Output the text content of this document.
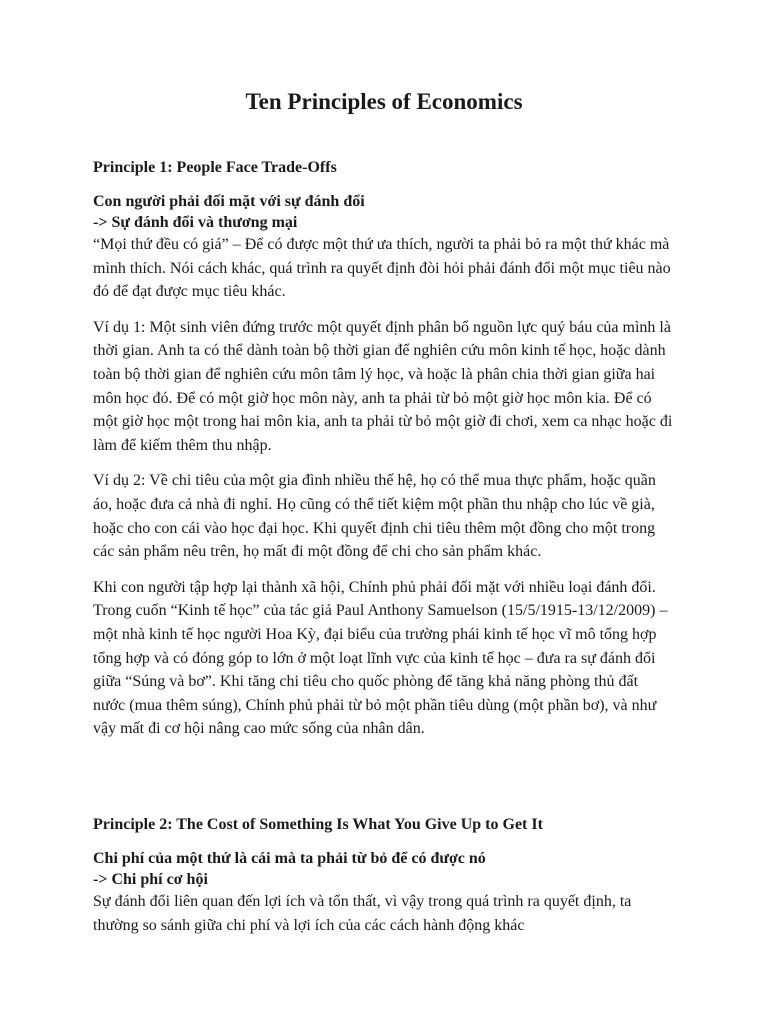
Ten Principles of Economics
Principle 1: People Face Trade-Offs
Con người phải đối mặt với sự đánh đổi
-> Sự đánh đổi và thương mại

“Mọi thứ đều có giá” – Để có được một thứ ưa thích, người ta phải bỏ ra một thứ khác mà mình thích. Nói cách khác, quá trình ra quyết định đòi hỏi phải đánh đổi một mục tiêu nào đó để đạt được mục tiêu khác.

Ví dụ 1: Một sinh viên đứng trước một quyết định phân bổ nguồn lực quý báu của mình là thời gian. Anh ta có thể dành toàn bộ thời gian để nghiên cứu môn kinh tế học, hoặc dành toàn bộ thời gian để nghiên cứu môn tâm lý học, và hoặc là phân chia thời gian giữa hai môn học đó. Để có một giờ học môn này, anh ta phải từ bỏ một giờ học môn kia. Để có một giờ học một trong hai môn kia, anh ta phải từ bỏ một giờ đi chơi, xem ca nhạc hoặc đi làm để kiếm thêm thu nhập.

Ví dụ 2: Về chi tiêu của một gia đình nhiều thế hệ, họ có thể mua thực phẩm, hoặc quần áo, hoặc đưa cả nhà đi nghỉ. Họ cũng có thể tiết kiệm một phần thu nhập cho lúc về già, hoặc cho con cái vào học đại học. Khi quyết định chi tiêu thêm một đồng cho một trong các sản phẩm nêu trên, họ mất đi một đồng để chi cho sản phẩm khác.

Khi con người tập hợp lại thành xã hội, Chính phủ phải đối mặt với nhiều loại đánh đổi. Trong cuốn “Kinh tế học” của tác giả Paul Anthony Samuelson (15/5/1915-13/12/2009) – một nhà kinh tế học người Hoa Kỳ, đại biểu của trường phái kinh tế học vĩ mô tổng hợp tổng hợp và có đóng góp to lớn ở một loạt lĩnh vực của kinh tế học – đưa ra sự đánh đổi giữa “Súng và bơ”. Khi tăng chi tiêu cho quốc phòng để tăng khả năng phòng thủ đất nước (mua thêm súng), Chính phủ phải từ bỏ một phần tiêu dùng (một phần bơ), và như vậy mất đi cơ hội nâng cao mức sống của nhân dân.

Principle 2: The Cost of Something Is What You Give Up to Get It
Chi phí của một thứ là cái mà ta phải từ bỏ để có được nó
-> Chi phí cơ hội

Sự đánh đổi liên quan đến lợi ích và tổn thất, vì vậy trong quá trình ra quyết định, ta thường so sánh giữa chi phí và lợi ích của các cách hành động khác
